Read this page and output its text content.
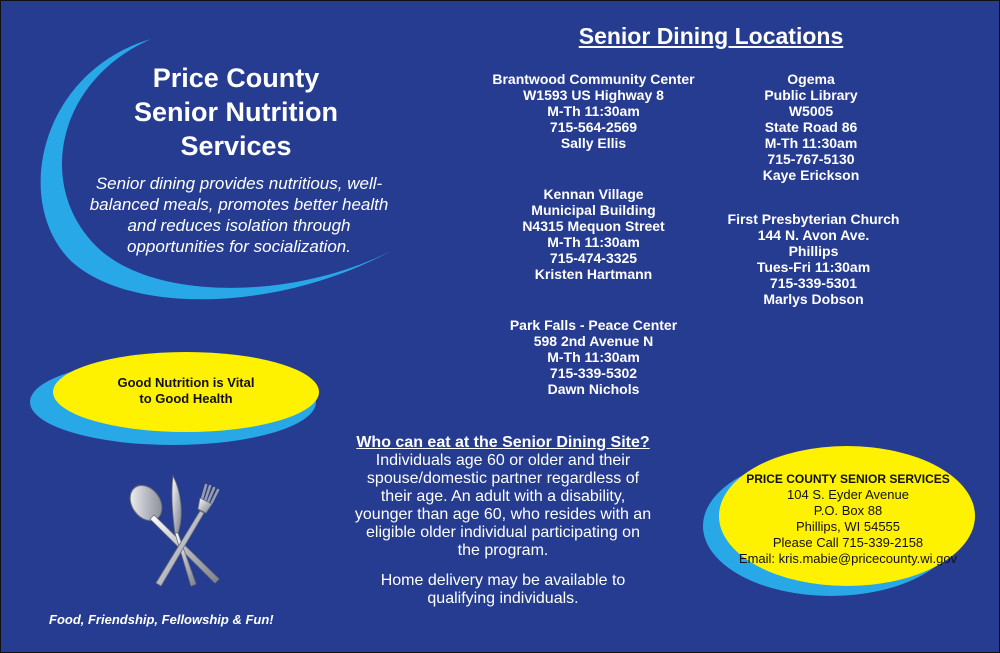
Price County
Senior Nutrition
Services
Senior dining provides nutritious, well-balanced meals, promotes better health and reduces isolation through opportunities for socialization.
Senior Dining Locations
Brantwood Community Center
W1593 US Highway 8
M-Th 11:30am
715-564-2569
Sally Ellis
Kennan Village
Municipal Building
N4315 Mequon Street
M-Th 11:30am
715-474-3325
Kristen Hartmann
Park Falls - Peace Center
598 2nd Avenue N
M-Th 11:30am
715-339-5302
Dawn Nichols
Ogema
Public Library
W5005
State Road 86
M-Th 11:30am
715-767-5130
Kaye Erickson
First Presbyterian Church
144 N. Avon Ave.
Phillips
Tues-Fri 11:30am
715-339-5301
Marlys Dobson
Good Nutrition is Vital
to Good Health
Who can eat at the Senior Dining Site?
Individuals age 60 or older and their
spouse/domestic partner regardless of
their age. An adult with a disability,
younger than age 60, who resides with an
eligible older individual participating on
the program.
Home delivery may be available to
qualifying individuals.
PRICE COUNTY SENIOR SERVICES
104 S. Eyder Avenue
P.O. Box 88
Phillips, WI 54555
Please Call 715-339-2158
Email: kris.mabie@pricecounty.wi.gov
Food, Friendship, Fellowship & Fun!
